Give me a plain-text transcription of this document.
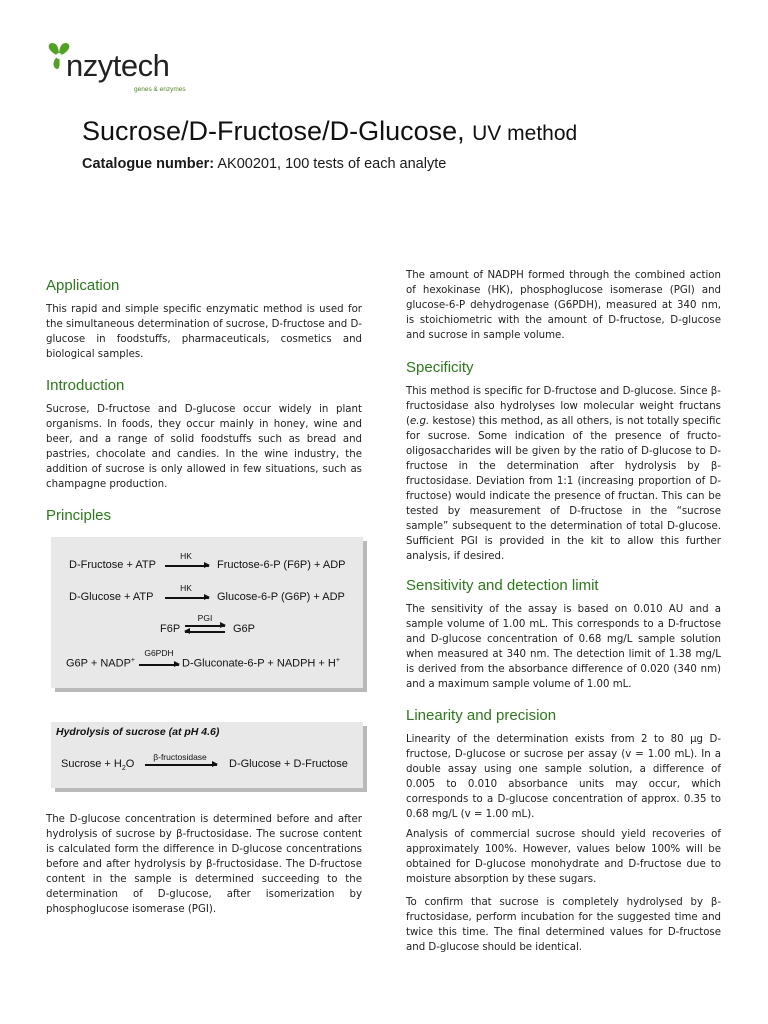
nzytech
genes & enzymes
Sucrose/D-Fructose/D-Glucose, UV method
Catalogue number: AK00201, 100 tests of each analyte
Application

This rapid and simple specific enzymatic method is used for the simultaneous determination of sucrose, D-fructose and D-glucose in foodstuffs, pharmaceuticals, cosmetics and biological samples.

Introduction

Sucrose, D-fructose and D-glucose occur widely in plant organisms. In foods, they occur mainly in honey, wine and beer, and a range of solid foodstuffs such as bread and pastries, chocolate and candies. In the wine industry, the addition of sucrose is only allowed in few situations, such as champagne production.

Principles
D-Fructose + ATP
HK
→ Fructose-6-P (F6P) + ADP
D-Glucose + ATP
HK
→ Glucose-6-P (G6P) + ADP
F6P
PGI
G6P
G6P + NADP+
G6PDH
→ D-Gluconate-6-P + NADPH + H+
Hydrolysis of sucrose (at pH 4.6)
Sucrose + $H_2O$
β-fructosidase
D-Glucose + D-Fructose

The D-glucose concentration is determined before and after hydrolysis of sucrose by β-fructosidase. The sucrose content is calculated form the difference in D-glucose concentrations before and after hydrolysis by β-fructosidase. The D-fructose content in the sample is determined succeeding to the determination of D-glucose, after isomerization by phosphoglucose isomerase (PGI).

The amount of NADPH formed through the combined action of hexokinase (HK), phosphoglucose isomerase (PGI) and glucose-6-P dehydrogenase (G6PDH), measured at 340 nm, is stoichiometric with the amount of D-fructose, D-glucose and sucrose in sample volume.

Specificity

This method is specific for D-fructose and D-glucose. Since β-fructosidase also hydrolyses low molecular weight fructans (e.g. kestose) this method, as all others, is not totally specific for sucrose. Some indication of the presence of fructo-oligosaccharides will be given by the ratio of D-glucose to D-fructose in the determination after hydrolysis by β-fructosidase. Deviation from 1:1 (increasing proportion of D-fructose) would indicate the presence of fructan. This can be tested by measurement of D-fructose in the “sucrose sample” subsequent to the determination of total D-glucose. Sufficient PGI is provided in the kit to allow this further analysis, if desired.

Sensitivity and detection limit

The sensitivity of the assay is based on 0.010 AU and a sample volume of 1.00 mL. This corresponds to a D-fructose and D-glucose concentration of 0.68 mg/L sample solution when measured at 340 nm. The detection limit of 1.38 mg/L is derived from the absorbance difference of 0.020 (340 nm) and a maximum sample volume of 1.00 mL.

Linearity and precision

Linearity of the determination exists from 2 to 80 µg D-fructose, D-glucose or sucrose per assay (v = 1.00 mL). In a double assay using one sample solution, a difference of 0.005 to 0.010 absorbance units may occur, which corresponds to a D-glucose concentration of approx. 0.35 to 0.68 mg/L (v = 1.00 mL).

Analysis of commercial sucrose should yield recoveries of approximately 100%. However, values below 100% will be obtained for D-glucose monohydrate and D-fructose due to moisture absorption by these sugars.

To confirm that sucrose is completely hydrolysed by β-fructosidase, perform incubation for the suggested time and twice this time. The final determined values for D-fructose and D-glucose should be identical.
